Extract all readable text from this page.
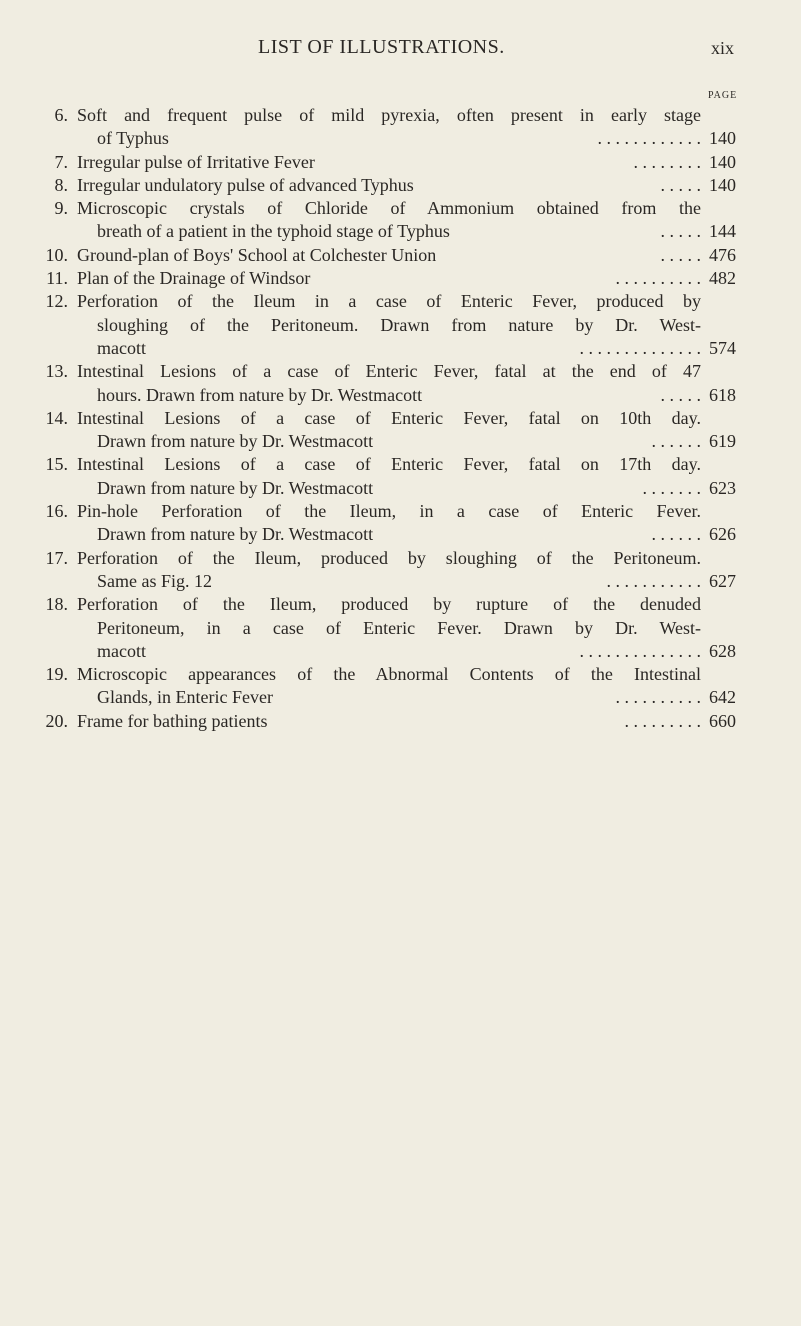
LIST OF ILLUSTRATIONS.	xix
PAGE
6. Soft and frequent pulse of mild pyrexia, often present in early stage
of Typhus	. . . . . . . . . . . . 140
7. Irregular pulse of Irritative Fever	. . . . . . . . 140
8. Irregular undulatory pulse of advanced Typhus	. . . . . 140
9. Microscopic crystals of Chloride of Ammonium obtained from the
breath of a patient in the typhoid stage of Typhus	. . . . . 144
10. Ground-plan of Boys' School at Colchester Union	. . . . . 476
11. Plan of the Drainage of Windsor	. . . . . . . . . . 482
12. Perforation of the Ileum in a case of Enteric Fever, produced by
sloughing of the Peritoneum. Drawn from nature by Dr. West-
macott	. . . . . . . . . . . . . . 574
13. Intestinal Lesions of a case of Enteric Fever, fatal at the end of 47
hours. Drawn from nature by Dr. Westmacott	. . . . . 618
14. Intestinal Lesions of a case of Enteric Fever, fatal on 10th day.
Drawn from nature by Dr. Westmacott	. . . . . . 619
15. Intestinal Lesions of a case of Enteric Fever, fatal on 17th day.
Drawn from nature by Dr. Westmacott	. . . . . . . 623
16. Pin-hole Perforation of the Ileum, in a case of Enteric Fever.
Drawn from nature by Dr. Westmacott	. . . . . . 626
17. Perforation of the Ileum, produced by sloughing of the Peritoneum.
Same as Fig. 12	. . . . . . . . . . . 627
18. Perforation of the Ileum, produced by rupture of the denuded
Peritoneum, in a case of Enteric Fever. Drawn by Dr. West-
macott	. . . . . . . . . . . . . . 628
19. Microscopic appearances of the Abnormal Contents of the Intestinal
Glands, in Enteric Fever	. . . . . . . . . . 642
20. Frame for bathing patients	. . . . . . . . . 660
